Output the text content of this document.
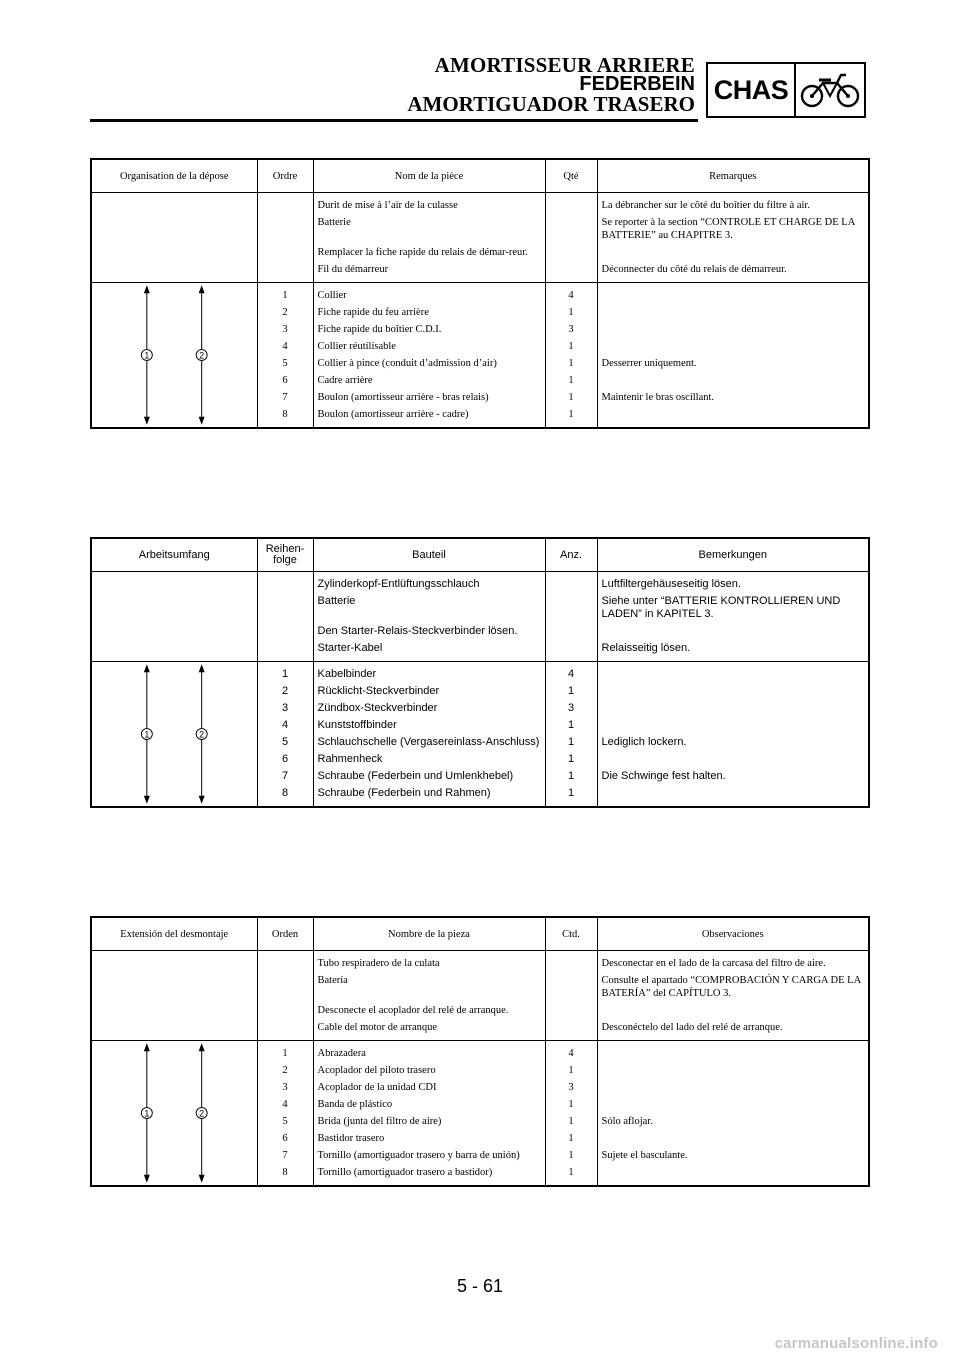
AMORTISSEUR ARRIERE
FEDERBEIN
AMORTIGUADOR TRASERO CHAS
Organisation de la dépose	Ordre	Nom de la pièce	Qté	Remarques

		Durit de mise à l’air de la culasse		La débrancher sur le côté du boîtier du filtre à air.
		Batterie		Se reporter à la section “CONTROLE ET CHARGE DE LA BATTERIE” au CHAPITRE 3.
		Remplacer la fiche rapide du relais de démar-reur.		
		Fil du démarreur		Déconnecter du côté du relais de démarreur.

1 2				

	1	Collier	4	
	2	Fiche rapide du feu arrière	1	
	3	Fiche rapide du boîtier C.D.I.	3	
	4	Collier réutilisable	1	
	5	Collier à pince (conduit d’admission d’air)	1	Desserrer uniquement.
	6	Cadre arrière	1	
	7	Boulon (amortisseur arrière - bras relais)	1	Maintenir le bras oscillant.
	8	Boulon (amortisseur arrière - cadre)	1	

Arbeitsumfang	Reihen-folge	Bauteil	Anz.	Bemerkungen

		Zylinderkopf-Entlüftungsschlauch		Luftfiltergehäuseseitig lösen.
		Batterie		Siehe unter “BATTERIE KONTROLLIEREN UND LADEN” in KAPITEL 3.
		Den Starter-Relais-Steckverbinder lösen.		
		Starter-Kabel		Relaisseitig lösen.

1 2				

	1	Kabelbinder	4	
	2	Rücklicht-Steckverbinder	1	
	3	Zündbox-Steckverbinder	3	
	4	Kunststoffbinder	1	
	5	Schlauchschelle (Vergasereinlass-Anschluss)	1	Lediglich lockern.
	6	Rahmenheck	1	
	7	Schraube (Federbein und Umlenkhebel)	1	Die Schwinge fest halten.
	8	Schraube (Federbein und Rahmen)	1	

Extensión del desmontaje	Orden	Nombre de la pieza	Ctd.	Observaciones

		Tubo respiradero de la culata		Desconectar en el lado de la carcasa del filtro de aire.
		Batería		Consulte el apartado “COMPROBACIÓN Y CARGA DE LA BATERÍA” del CAPÍTULO 3.
		Desconecte el acoplador del relé de arranque.		
		Cable del motor de arranque		Desconéctelo del lado del relé de arranque.

1 2				

	1	Abrazadera	4	
	2	Acoplador del piloto trasero	1	
	3	Acoplador de la unidad CDI	3	
	4	Banda de plástico	1	
	5	Brida (junta del filtro de aire)	1	Sólo aflojar.
	6	Bastidor trasero	1	
	7	Tornillo (amortiguador trasero y barra de unión)	1	Sujete el basculante.
	8	Tornillo (amortiguador trasero a bastidor)	1	

5 - 61
carmanualsonline.info
